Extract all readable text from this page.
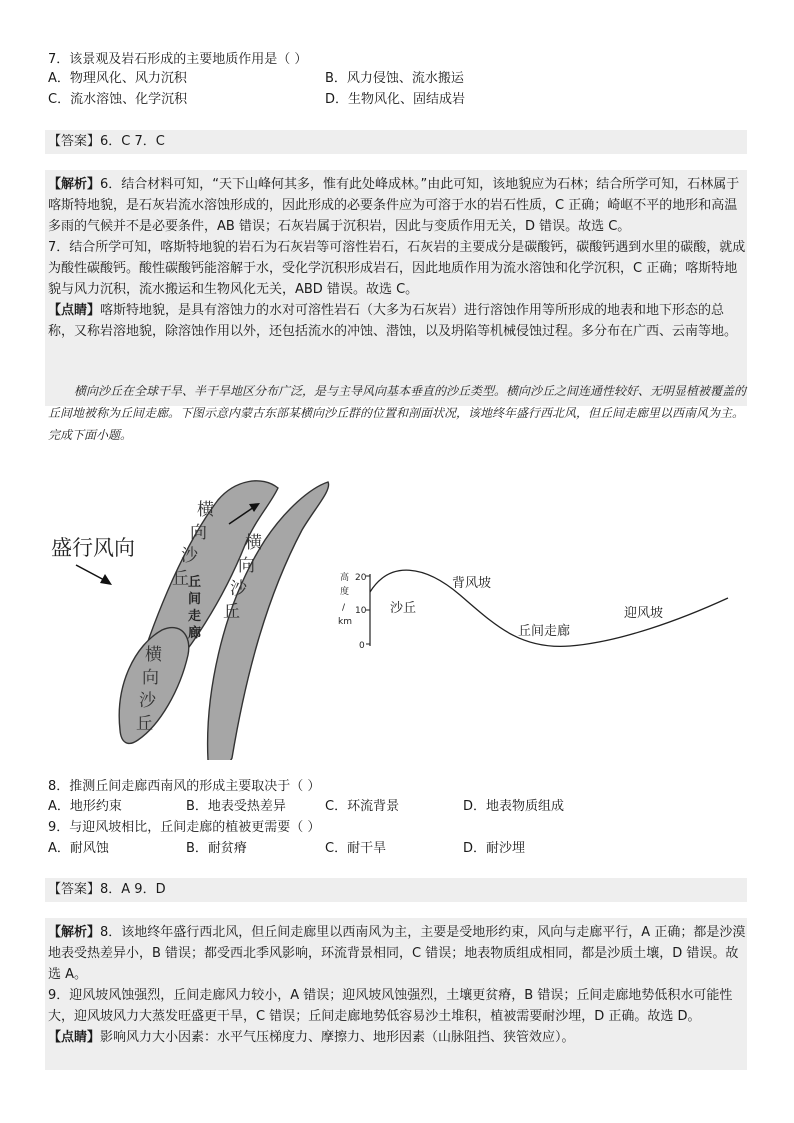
7．该景观及岩石形成的主要地质作用是（ ）
A．物理风化、风力沉积	B．风力侵蚀、流水搬运
C．流水溶蚀、化学沉积	D．生物风化、固结成岩
【答案】6．C 7．C

【解析】6．结合材料可知，“天下山峰何其多，惟有此处峰成林。”由此可知，该地貌应为石林；结合所学可知，石林属于喀斯特地貌，是石灰岩流水溶蚀形成的，因此形成的必要条件应为可溶于水的岩石性质，C 正确；崎岖不平的地形和高温多雨的气候并不是必要条件，AB 错误；石灰岩属于沉积岩，因此与变质作用无关，D 错误。故选 C。

7．结合所学可知，喀斯特地貌的岩石为石灰岩等可溶性岩石，石灰岩的主要成分是碳酸钙，碳酸钙遇到水里的碳酸，就成为酸性碳酸钙。酸性碳酸钙能溶解于水，受化学沉积形成岩石，因此地质作用为流水溶蚀和化学沉积，C 正确；喀斯特地貌与风力沉积，流水搬运和生物风化无关，ABD 错误。故选 C。

【点睛】喀斯特地貌，是具有溶蚀力的水对可溶性岩石（大多为石灰岩）进行溶蚀作用等所形成的地表和地下形态的总称，又称岩溶地貌，除溶蚀作用以外，还包括流水的冲蚀、潜蚀，以及坍陷等机械侵蚀过程。多分布在广西、云南等地。

横向沙丘在全球干旱、半干旱地区分布广泛，是与主导风向基本垂直的沙丘类型。横向沙丘之间连通性较好、无明显植被覆盖的丘间地被称为丘间走廊。下图示意内蒙古东部某横向沙丘群的位置和剖面状况，该地终年盛行西北风，但丘间走廊里以西南风为主。完成下面小题。
横
向
沙
丘
横
向
沙
丘
横
向
沙
丘
丘
间
走
廊
盛行风向
20
10
0
高
度
/
km
沙丘
背风坡
丘间走廊
迎风坡
8．推测丘间走廊西南风的形成主要取决于（ ）
A．地形约束	B．地表受热差异	C．环流背景	D．地表物质组成
9．与迎风坡相比，丘间走廊的植被更需要（ ）
A．耐风蚀	B．耐贫瘠	C．耐干旱	D．耐沙埋
【答案】8．A 9．D

【解析】8．该地终年盛行西北风，但丘间走廊里以西南风为主，主要是受地形约束，风向与走廊平行，A 正确；都是沙漠地表受热差异小，B 错误；都受西北季风影响，环流背景相同，C 错误；地表物质组成相同，都是沙质土壤，D 错误。故选 A。

9．迎风坡风蚀强烈，丘间走廊风力较小，A 错误；迎风坡风蚀强烈，土壤更贫瘠，B 错误；丘间走廊地势低积水可能性大，迎风坡风力大蒸发旺盛更干旱，C 错误；丘间走廊地势低容易沙土堆积，植被需要耐沙埋，D 正确。故选 D。

【点睛】影响风力大小因素：水平气压梯度力、摩擦力、地形因素（山脉阻挡、狭管效应）。
